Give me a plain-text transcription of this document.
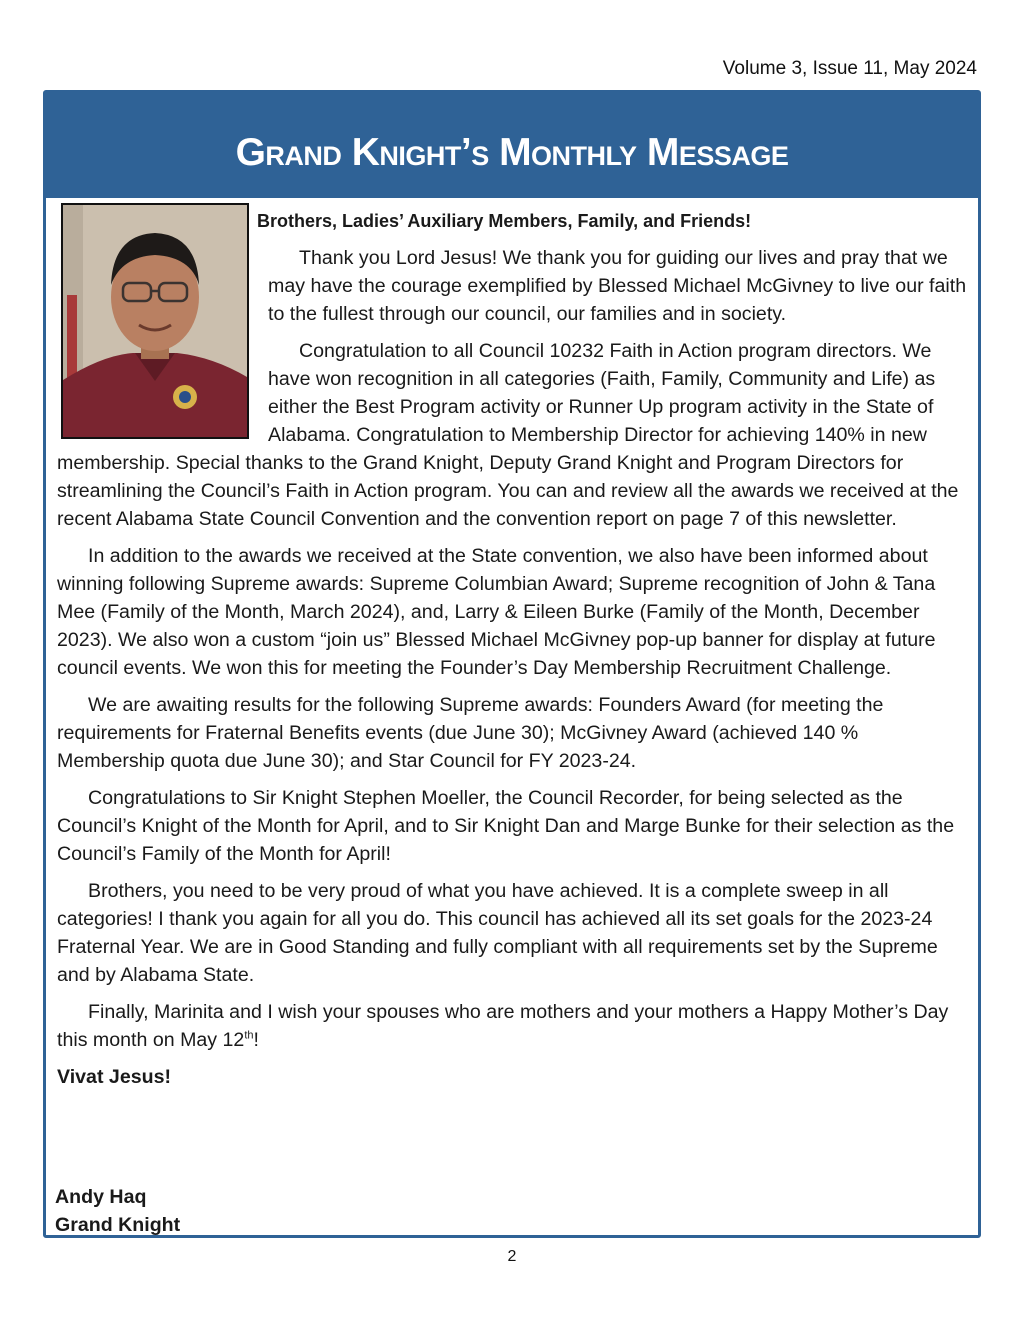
Volume 3, Issue 11, May 2024
Grand Knight’s Monthly Message
Brothers, Ladies’ Auxiliary Members, Family, and Friends!

Thank you Lord Jesus! We thank you for guiding our lives and pray that we may have the courage exemplified by Blessed Michael McGivney to live our faith to the fullest through our council, our families and in society.

Congratulation to all Council 10232 Faith in Action program directors. We have won recognition in all categories (Faith, Family, Community and Life) as either the Best Program activity or Runner Up program activity in the State of Alabama. Congratulation to Membership Director for achieving 140% in new membership. Special thanks to the Grand Knight, Deputy Grand Knight and Program Directors for streamlining the Council’s Faith in Action program. You can and review all the awards we received at the recent Alabama State Council Convention and the convention report on page 7 of this newsletter.

In addition to the awards we received at the State convention, we also have been informed about winning following Supreme awards: Supreme Columbian Award; Supreme recognition of John & Tana Mee (Family of the Month, March 2024), and, Larry & Eileen Burke (Family of the Month, December 2023). We also won a custom “join us” Blessed Michael McGivney pop-up banner for display at future council events. We won this for meeting the Founder’s Day Membership Recruitment Challenge.

We are awaiting results for the following Supreme awards: Founders Award (for meeting the requirements for Fraternal Benefits events (due June 30); McGivney Award (achieved 140 % Membership quota due June 30); and Star Council for FY 2023-24.

Congratulations to Sir Knight Stephen Moeller, the Council Recorder, for being selected as the Council’s Knight of the Month for April, and to Sir Knight Dan and Marge Bunke for their selection as the Council’s Family of the Month for April!

Brothers, you need to be very proud of what you have achieved. It is a complete sweep in all categories! I thank you again for all you do. This council has achieved all its set goals for the 2023-24 Fraternal Year. We are in Good Standing and fully compliant with all requirements set by the Supreme and by Alabama State.

Finally, Marinita and I wish your spouses who are mothers and your mothers a Happy Mother’s Day this month on May 12th!

Vivat Jesus!

Andy Haq
Grand Knight
2
